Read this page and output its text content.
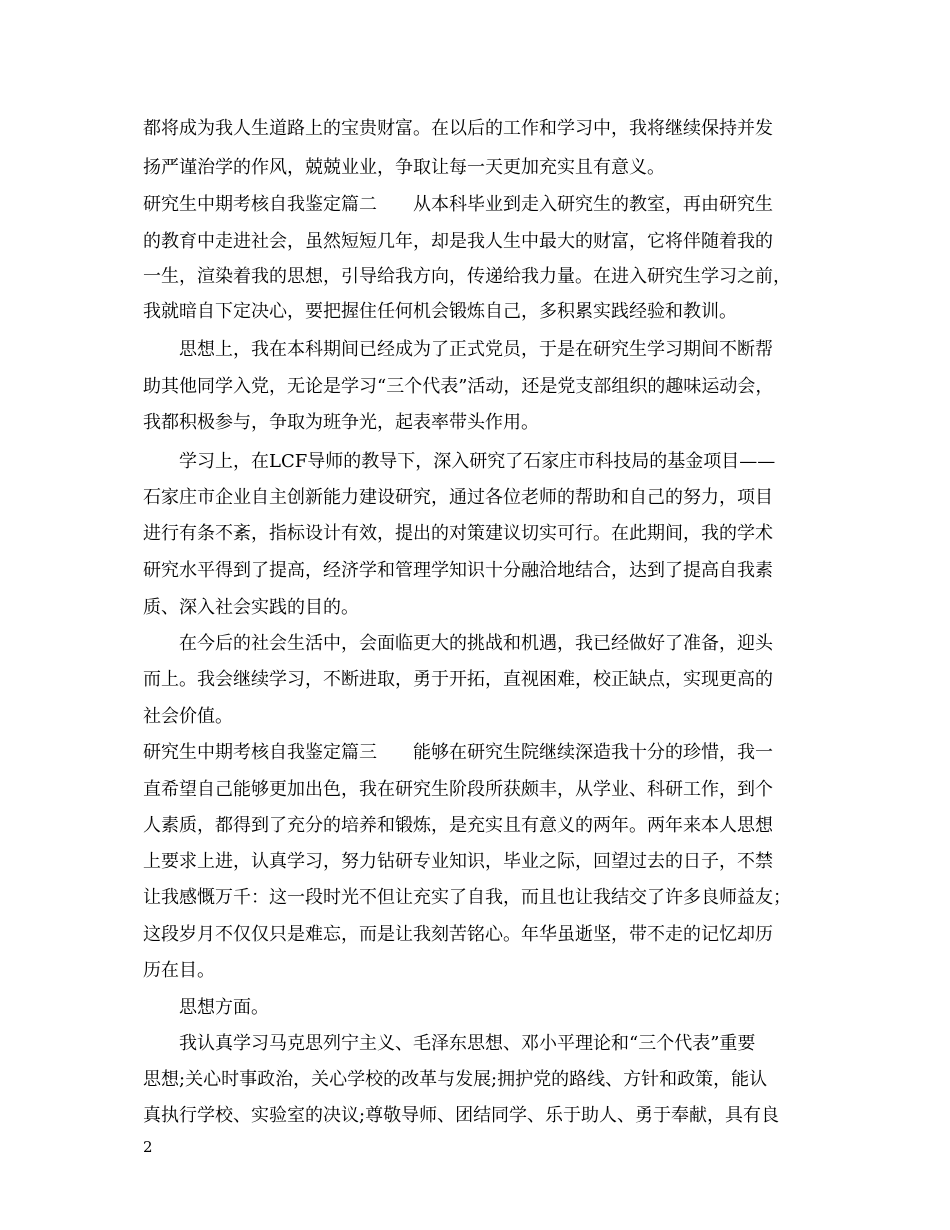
都将成为我人生道路上的宝贵财富。在以后的工作和学习中，我将继续保持并发
扬严谨治学的作风，兢兢业业，争取让每一天更加充实且有意义。
研究生中期考核自我鉴定篇二　　从本科毕业到走入研究生的教室，再由研究生
的教育中走进社会，虽然短短几年，却是我人生中最大的财富，它将伴随着我的
一生，渲染着我的思想，引导给我方向，传递给我力量。在进入研究生学习之前，
我就暗自下定决心，要把握住任何机会锻炼自己，多积累实践经验和教训。
思想上，我在本科期间已经成为了正式党员，于是在研究生学习期间不断帮
助其他同学入党，无论是学习“三个代表”活动，还是党支部组织的趣味运动会，
我都积极参与，争取为班争光，起表率带头作用。
学习上，在LCF导师的教导下，深入研究了石家庄市科技局的基金项目——
石家庄市企业自主创新能力建设研究，通过各位老师的帮助和自己的努力，项目
进行有条不紊，指标设计有效，提出的对策建议切实可行。在此期间，我的学术
研究水平得到了提高，经济学和管理学知识十分融洽地结合，达到了提高自我素
质、深入社会实践的目的。
在今后的社会生活中，会面临更大的挑战和机遇，我已经做好了准备，迎头
而上。我会继续学习，不断进取，勇于开拓，直视困难，校正缺点，实现更高的
社会价值。
研究生中期考核自我鉴定篇三　　能够在研究生院继续深造我十分的珍惜，我一
直希望自己能够更加出色，我在研究生阶段所获颇丰，从学业、科研工作，到个
人素质，都得到了充分的培养和锻炼，是充实且有意义的两年。两年来本人思想
上要求上进，认真学习，努力钻研专业知识，毕业之际，回望过去的日子，不禁
让我感慨万千：这一段时光不但让充实了自我，而且也让我结交了许多良师益友；
这段岁月不仅仅只是难忘，而是让我刻苦铭心。年华虽逝坚，带不走的记忆却历
历在目。
思想方面。
我认真学习马克思列宁主义、毛泽东思想、邓小平理论和“三个代表”重要
思想;关心时事政治，关心学校的改革与发展;拥护党的路线、方针和政策，能认
真执行学校、实验室的决议;尊敬导师、团结同学、乐于助人、勇于奉献，具有良
2
